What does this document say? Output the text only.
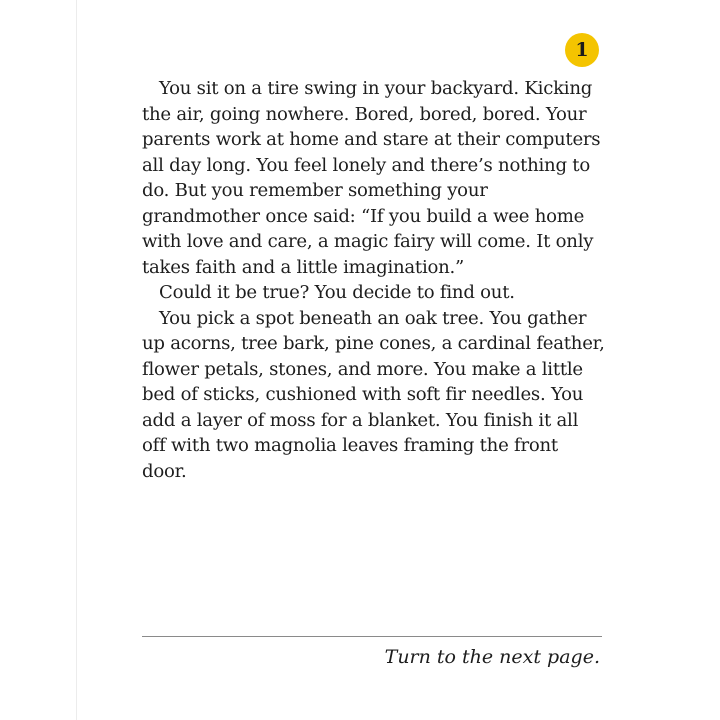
1

You sit on a tire swing in your backyard. Kicking
the air, going nowhere. Bored, bored, bored. Your
parents work at home and stare at their computers
all day long. You feel lonely and there’s nothing to
do. But you remember something your
grandmother once said: “If you build a wee home
with love and care, a magic fairy will come. It only
takes faith and a little imagination.”

Could it be true? You decide to find out.

You pick a spot beneath an oak tree. You gather
up acorns, tree bark, pine cones, a cardinal feather,
flower petals, stones, and more. You make a little
bed of sticks, cushioned with soft fir needles. You
add a layer of moss for a blanket. You finish it all
off with two magnolia leaves framing the front
door.

Turn to the next page.
